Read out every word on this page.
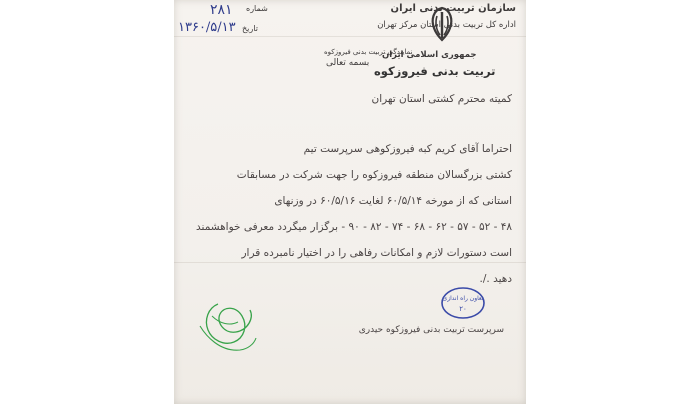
سازمان تربیت بدنی ایران
اداره کل تربیت بدنی استان مرکز تهران
نمایندگی تربیت بدنی فیروزکوه
بسمه تعالی
شماره
۲۸۱
تاریخ
۱۳۶۰/۵/۱۳
جمهوری اسلامی ایران
تربیت بدنی فیروزکوه
کمیته محترم کشتی استان تهران
احتراما آقای کریم کبه فیروزکوهی سرپرست تیم
کشتی بزرگسالان منطقه فیروزکوه را جهت شرکت در مسابقات
استانی که از مورخه ۶۰/۵/۱۴ لغایت ۶۰/۵/۱۶ در وزنهای
۴۸ - ۵۲ - ۵۷ - ۶۲ - ۶۸ - ۷۴ - ۸۲ - ۹۰ - برگزار میگردد معرفی خواهشمند
است دستورات لازم و امکانات رفاهی را در اختیار نامبرده قرار
دهید ./.
تعاون راه اندازی
۲۰
سرپرست تربیت بدنی فیروزکوه حیدری
